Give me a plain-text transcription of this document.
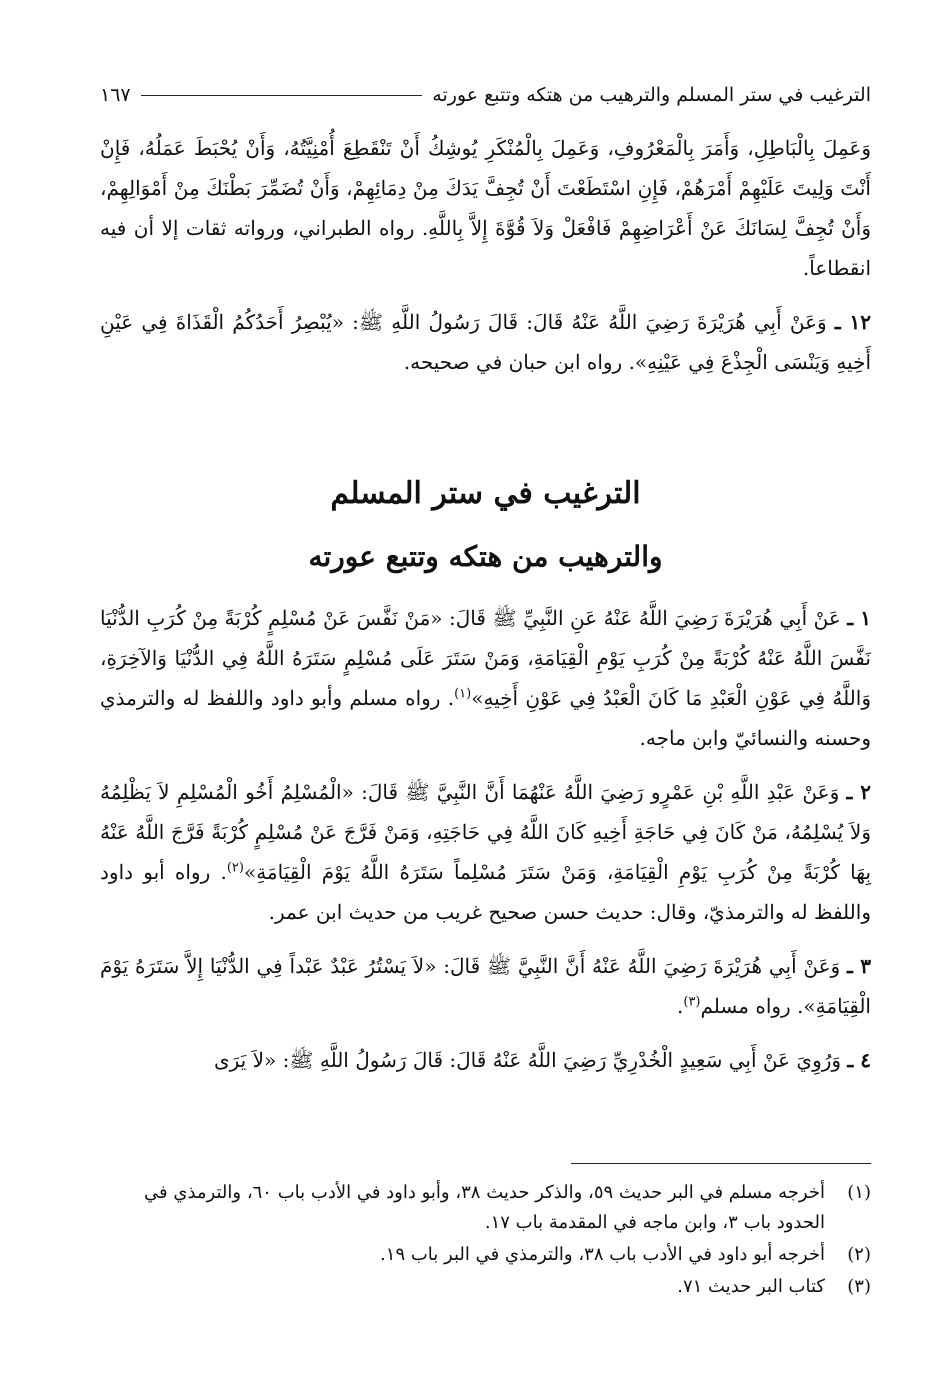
الترغيب في ستر المسلم والترهيب من هتكه وتتبع عورته
١٦٧

وَعَمِلَ بِالْبَاطِلِ، وَأَمَرَ بِالْمَعْرُوفِ، وَعَمِلَ بِالْمُنْكَرِ يُوشِكُ أَنْ تَنْقَطِعَ أُمْنِيَّتُهُ، وَأَنْ يُحْبَطَ عَمَلُهُ، فَإِنْ أَنْتَ وَلِيتَ عَلَيْهِمْ أَمْرَهُمْ، فَإِنِ اسْتَطَعْتَ أَنْ تُجِفَّ يَدَكَ مِنْ دِمَائِهِمْ، وَأَنْ تُضَمِّرَ بَطْنَكَ مِنْ أَمْوَالِهِمْ، وَأَنْ تُجِفَّ لِسَانَكَ عَنْ أَعْرَاضِهِمْ فَافْعَلْ وَلاَ قُوَّةَ إِلاَّ بِاللَّهِ. رواه الطبراني، ورواته ثقات إلا أن فيه انقطاعاً.

١٢ ـ وَعَنْ أَبِي هُرَيْرَةَ رَضِيَ اللَّهُ عَنْهُ قَالَ: قَالَ رَسُولُ اللَّهِ ﷺ: «يُبْصِرُ أَحَدُكُمُ الْقَذَاةَ فِي عَيْنِ أَخِيهِ وَيَنْسَى الْجِذْعَ فِي عَيْنِهِ». رواه ابن حبان في صحيحه.

الترغيب في ستر المسلم
والترهيب من هتكه وتتبع عورته

١ ـ عَنْ أَبِي هُرَيْرَةَ رَضِيَ اللَّهُ عَنْهُ عَنِ النَّبِيِّ ﷺ قَالَ: «مَنْ نَفَّسَ عَنْ مُسْلِمٍ كُرْبَةً مِنْ كُرَبِ الدُّنْيَا نَفَّسَ اللَّهُ عَنْهُ كُرْبَةً مِنْ كُرَبِ يَوْمِ الْقِيَامَةِ، وَمَنْ سَتَرَ عَلَى مُسْلِمٍ سَتَرَهُ اللَّهُ فِي الدُّنْيَا وَالآخِرَةِ، وَاللَّهُ فِي عَوْنِ الْعَبْدِ مَا كَانَ الْعَبْدُ فِي عَوْنِ أَخِيهِ»$^{(١)}$. رواه مسلم وأبو داود واللفظ له والترمذي وحسنه والنسائيّ وابن ماجه.

٢ ـ وَعَنْ عَبْدِ اللَّهِ بْنِ عَمْرٍو رَضِيَ اللَّهُ عَنْهُمَا أَنَّ النَّبِيَّ ﷺ قَالَ: «الْمُسْلِمُ أَخُو الْمُسْلِمِ لاَ يَظْلِمُهُ وَلاَ يُسْلِمُهُ، مَنْ كَانَ فِي حَاجَةِ أَخِيهِ كَانَ اللَّهُ فِي حَاجَتِهِ، وَمَنْ فَرَّجَ عَنْ مُسْلِمٍ كُرْبَةً فَرَّجَ اللَّهُ عَنْهُ بِهَا كُرْبَةً مِنْ كُرَبِ يَوْمِ الْقِيَامَةِ، وَمَنْ سَتَرَ مُسْلِماً سَتَرَهُ اللَّهُ يَوْمَ الْقِيَامَةِ»$^{(٢)}$. رواه أبو داود واللفظ له والترمذيّ، وقال: حديث حسن صحيح غريب من حديث ابن عمر.

٣ ـ وَعَنْ أَبِي هُرَيْرَةَ رَضِيَ اللَّهُ عَنْهُ أَنَّ النَّبِيَّ ﷺ قَالَ: «لاَ يَسْتُرُ عَبْدٌ عَبْداً فِي الدُّنْيَا إِلاَّ سَتَرَهُ يَوْمَ الْقِيَامَةِ». رواه مسلم$^{(٣)}$.

٤ ـ وَرُوِيَ عَنْ أَبِي سَعِيدٍ الْخُدْرِيِّ رَضِيَ اللَّهُ عَنْهُ قَالَ: قَالَ رَسُولُ اللَّهِ ﷺ: «لاَ يَرَى

(١)
أخرجه مسلم في البر حديث ٥٩، والذكر حديث ٣٨، وأبو داود في الأدب باب ٦٠، والترمذي في الحدود باب ٣، وابن ماجه في المقدمة باب ١٧.
(٢)
أخرجه أبو داود في الأدب باب ٣٨، والترمذي في البر باب ١٩.
(٣)
كتاب البر حديث ٧١.
